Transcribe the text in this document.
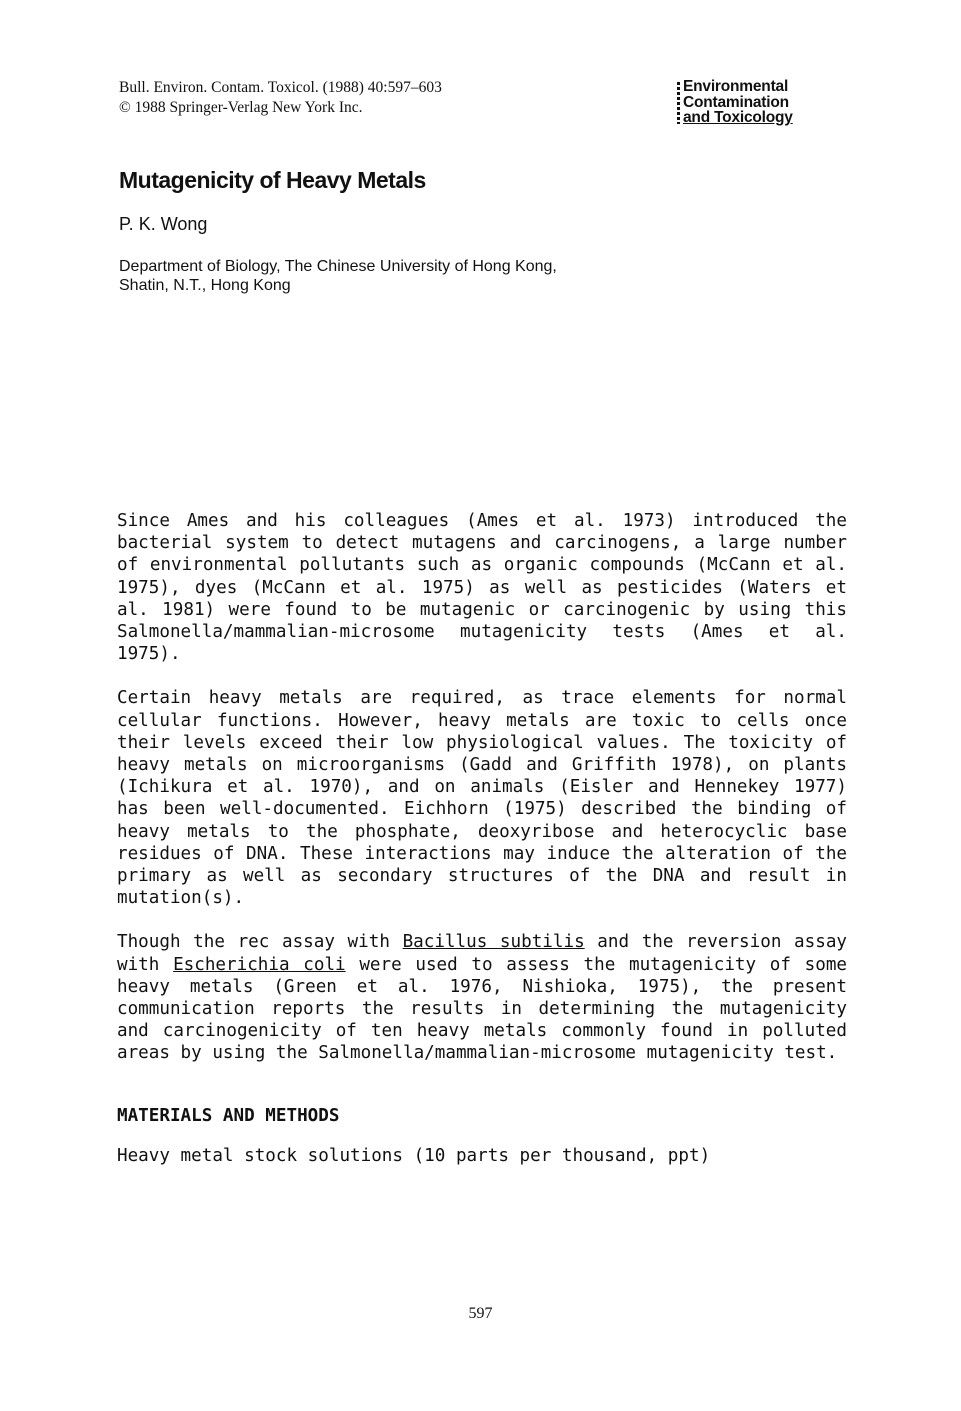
Bull. Environ. Contam. Toxicol. (1988) 40:597–603
© 1988 Springer-Verlag New York Inc.
Environmental
Contamination
and Toxicology
Mutagenicity of Heavy Metals
P. K. Wong
Department of Biology, The Chinese University of Hong Kong,
Shatin, N.T., Hong Kong

Since Ames and his colleagues (Ames et al. 1973) introduced the bacterial system to detect mutagens and carcinogens, a large number of environmental pollutants such as organic compounds (McCann et al. 1975), dyes (McCann et al. 1975) as well as pesticides (Waters et al. 1981) were found to be mutagenic or carcinogenic by using this Salmonella/mammalian-microsome mutagenicity tests (Ames et al. 1975).

Certain heavy metals are required, as trace elements for normal cellular functions. However, heavy metals are toxic to cells once their levels exceed their low physiological values. The toxicity of heavy metals on microorganisms (Gadd and Griffith 1978), on plants (Ichikura et al. 1970), and on animals (Eisler and Hennekey 1977) has been well-documented. Eichhorn (1975) described the binding of heavy metals to the phosphate, deoxyribose and heterocyclic base residues of DNA. These interactions may induce the alteration of the primary as well as secondary structures of the DNA and result in mutation(s).

Though the rec assay with Bacillus subtilis and the reversion assay with Escherichia coli were used to assess the mutagenicity of some heavy metals (Green et al. 1976, Nishioka, 1975), the present communication reports the results in determining the mutagenicity and carcinogenicity of ten heavy metals commonly found in polluted areas by using the Salmonella/mammalian-microsome mutagenicity test.

MATERIALS AND METHODS

Heavy metal stock solutions (10 parts per thousand, ppt)

597
